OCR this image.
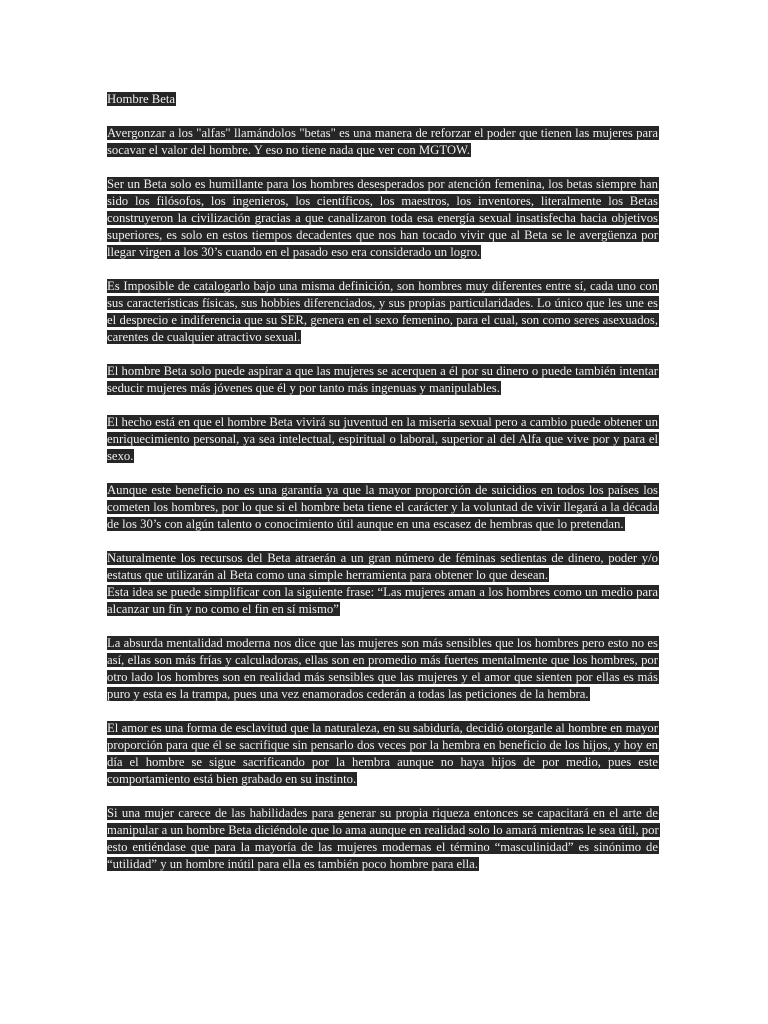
Hombre Beta

Avergonzar a los "alfas" llamándolos "betas" es una manera de reforzar el poder que tienen las mujeres para socavar el valor del hombre. Y eso no tiene nada que ver con MGTOW.

Ser un Beta solo es humillante para los hombres desesperados por atención femenina, los betas siempre han sido los filósofos, los ingenieros, los científicos, los maestros, los inventores, literalmente los Betas construyeron la civilización gracias a que canalizaron toda esa energía sexual insatisfecha hacia objetivos superiores, es solo en estos tiempos decadentes que nos han tocado vivir que al Beta se le avergüenza por llegar virgen a los 30’s cuando en el pasado eso era considerado un logro.

Es Imposible de catalogarlo bajo una misma definición, son hombres muy diferentes entre sí, cada uno con sus características físicas, sus hobbies diferenciados, y sus propias particularidades. Lo único que les une es el desprecio e indiferencia que su SER, genera en el sexo femenino, para el cual, son como seres asexuados, carentes de cualquier atractivo sexual.

El hombre Beta solo puede aspirar a que las mujeres se acerquen a él por su dinero o puede también intentar seducir mujeres más jóvenes que él y por tanto más ingenuas y manipulables.

El hecho está en que el hombre Beta vivirá su juventud en la miseria sexual pero a cambio puede obtener un enriquecimiento personal, ya sea intelectual, espiritual o laboral, superior al del Alfa que vive por y para el sexo.

Aunque este beneficio no es una garantía ya que la mayor proporción de suicidios en todos los países los cometen los hombres, por lo que si el hombre beta tiene el carácter y la voluntad de vivir llegará a la década de los 30’s con algún talento o conocimiento útil aunque en una escasez de hembras que lo pretendan.

Naturalmente los recursos del Beta atraerán a un gran número de féminas sedientas de dinero, poder y/o estatus que utilizarán al Beta como una simple herramienta para obtener lo que desean.
Esta idea se puede simplificar con la siguiente frase: “Las mujeres aman a los hombres como un medio para alcanzar un fin y no como el fin en sí mismo”

La absurda mentalidad moderna nos dice que las mujeres son más sensibles que los hombres pero esto no es así, ellas son más frías y calculadoras, ellas son en promedio más fuertes mentalmente que los hombres, por otro lado los hombres son en realidad más sensibles que las mujeres y el amor que sienten por ellas es más puro y esta es la trampa, pues una vez enamorados cederán a todas las peticiones de la hembra.

El amor es una forma de esclavitud que la naturaleza, en su sabiduría, decidió otorgarle al hombre en mayor proporción para que él se sacrifique sin pensarlo dos veces por la hembra en beneficio de los hijos, y hoy en día el hombre se sigue sacrificando por la hembra aunque no haya hijos de por medio, pues este comportamiento está bien grabado en su instinto.

Si una mujer carece de las habilidades para generar su propia riqueza entonces se capacitará en el arte de manipular a un hombre Beta diciéndole que lo ama aunque en realidad solo lo amará mientras le sea útil, por esto entiéndase que para la mayoría de las mujeres modernas el término “masculinidad” es sinónimo de “utilidad” y un hombre inútil para ella es también poco hombre para ella.
